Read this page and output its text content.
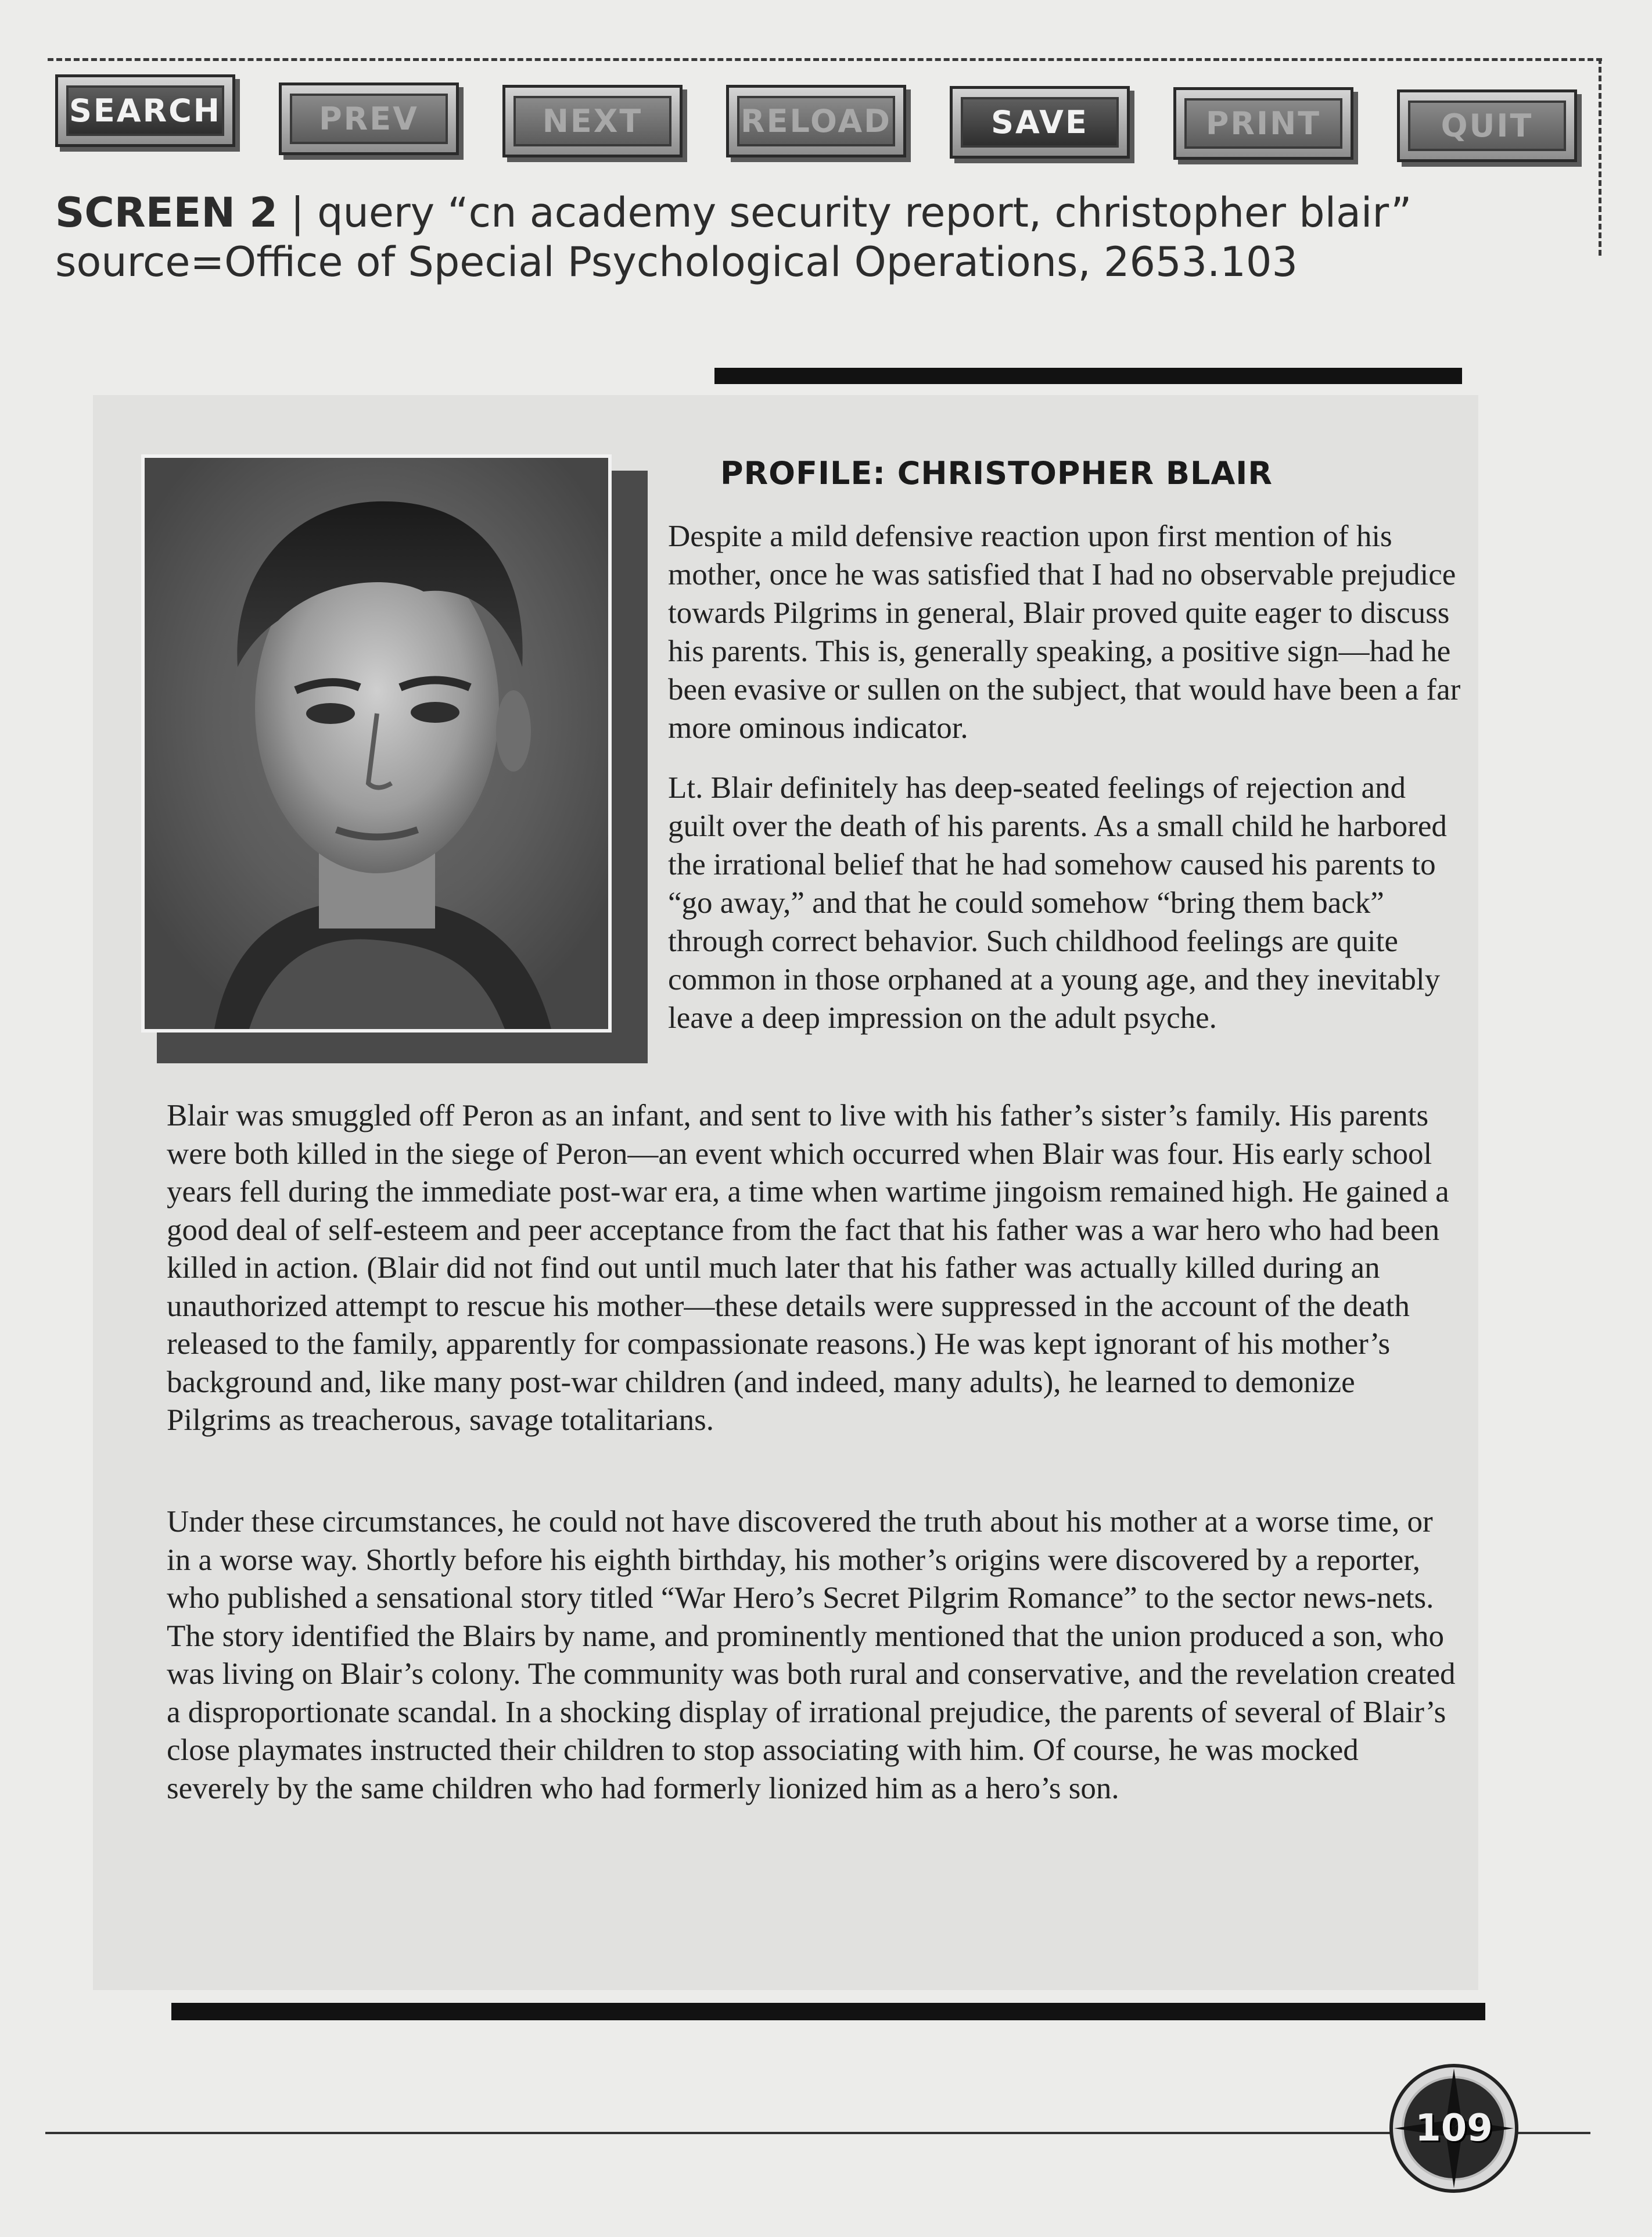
SEARCH	PREV	NEXT	RELOAD	SAVE	PRINT	QUIT
SCREEN 2 | query “cn academy security report, christopher blair”
source=Office of Special Psychological Operations, 2653.103
PROFILE: CHRISTOPHER BLAIR

Despite a mild defensive reaction upon first mention of his mother, once he was satisfied that I had no observable prejudice towards Pilgrims in general, Blair proved quite eager to discuss his parents. This is, generally speaking, a positive sign—had he been evasive or sullen on the subject, that would have been a far more ominous indicator.

Lt. Blair definitely has deep-seated feelings of rejection and guilt over the death of his parents. As a small child he harbored the irrational belief that he had somehow caused his parents to “go away,” and that he could somehow “bring them back” through correct behavior. Such childhood feelings are quite common in those orphaned at a young age, and they inevitably leave a deep impression on the adult psyche.

Blair was smuggled off Peron as an infant, and sent to live with his father’s sister’s family. His parents were both killed in the siege of Peron—an event which occurred when Blair was four. His early school years fell during the immediate post-war era, a time when wartime jingoism remained high. He gained a good deal of self-esteem and peer acceptance from the fact that his father was a war hero who had been killed in action. (Blair did not find out until much later that his father was actually killed during an unauthorized attempt to rescue his mother—these details were suppressed in the account of the death released to the family, apparently for compassionate reasons.) He was kept ignorant of his mother’s background and, like many post-war children (and indeed, many adults), he learned to demonize Pilgrims as treacherous, savage totalitarians.

Under these circumstances, he could not have discovered the truth about his mother at a worse time, or in a worse way. Shortly before his eighth birthday, his mother’s origins were discovered by a reporter, who published a sensational story titled “War Hero’s Secret Pilgrim Romance” to the sector news-nets. The story identified the Blairs by name, and prominently mentioned that the union produced a son, who was living on Blair’s colony. The community was both rural and conservative, and the revelation created a disproportionate scandal. In a shocking display of irrational prejudice, the parents of several of Blair’s close playmates instructed their children to stop associating with him. Of course, he was mocked severely by the same children who had formerly lionized him as a hero’s son.

109
